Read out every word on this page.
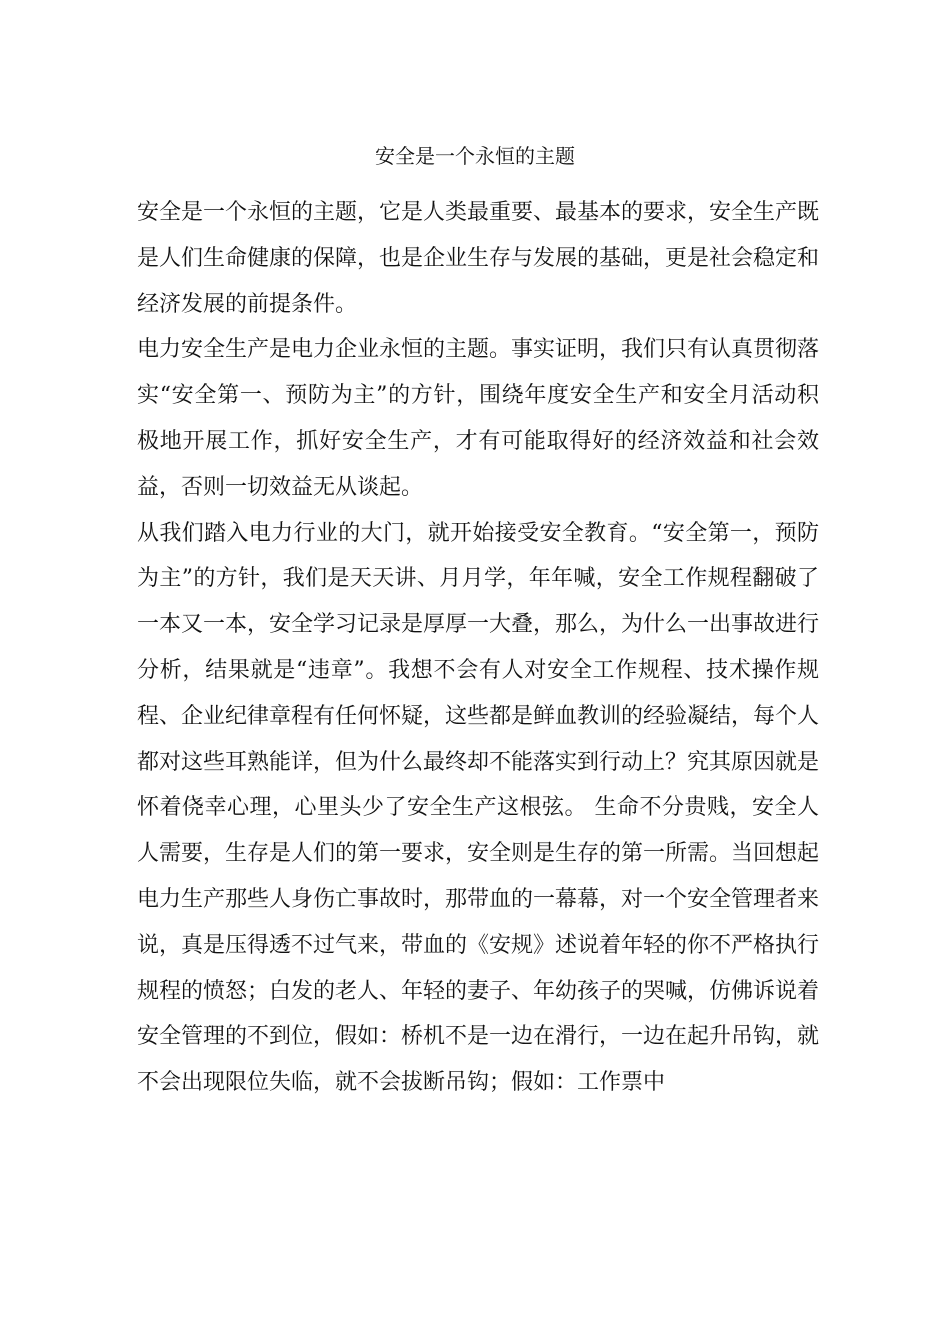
安全是一个永恒的主题

安全是一个永恒的主题，它是人类最重要、最基本的要求，安全生产既是人们生命健康的保障，也是企业生存与发展的基础，更是社会稳定和经济发展的前提条件。

电力安全生产是电力企业永恒的主题。事实证明，我们只有认真贯彻落实“安全第一、预防为主”的方针，围绕年度安全生产和安全月活动积极地开展工作，抓好安全生产，才有可能取得好的经济效益和社会效益，否则一切效益无从谈起。

从我们踏入电力行业的大门，就开始接受安全教育。“安全第一，预防为主”的方针，我们是天天讲、月月学，年年喊，安全工作规程翻破了一本又一本，安全学习记录是厚厚一大叠，那么，为什么一出事故进行分析，结果就是“违章”。我想不会有人对安全工作规程、技术操作规程、企业纪律章程有任何怀疑，这些都是鲜血教训的经验凝结，每个人都对这些耳熟能详，但为什么最终却不能落实到行动上？究其原因就是怀着侥幸心理，心里头少了安全生产这根弦。 生命不分贵贱，安全人人需要，生存是人们的第一要求，安全则是生存的第一所需。当回想起电力生产那些人身伤亡事故时，那带血的一幕幕，对一个安全管理者来说，真是压得透不过气来，带血的《安规》述说着年轻的你不严格执行规程的愤怒；白发的老人、年轻的妻子、年幼孩子的哭喊，仿佛诉说着安全管理的不到位，假如：桥机不是一边在滑行，一边在起升吊钩，就不会出现限位失临，就不会拔断吊钩；假如：工作票中
